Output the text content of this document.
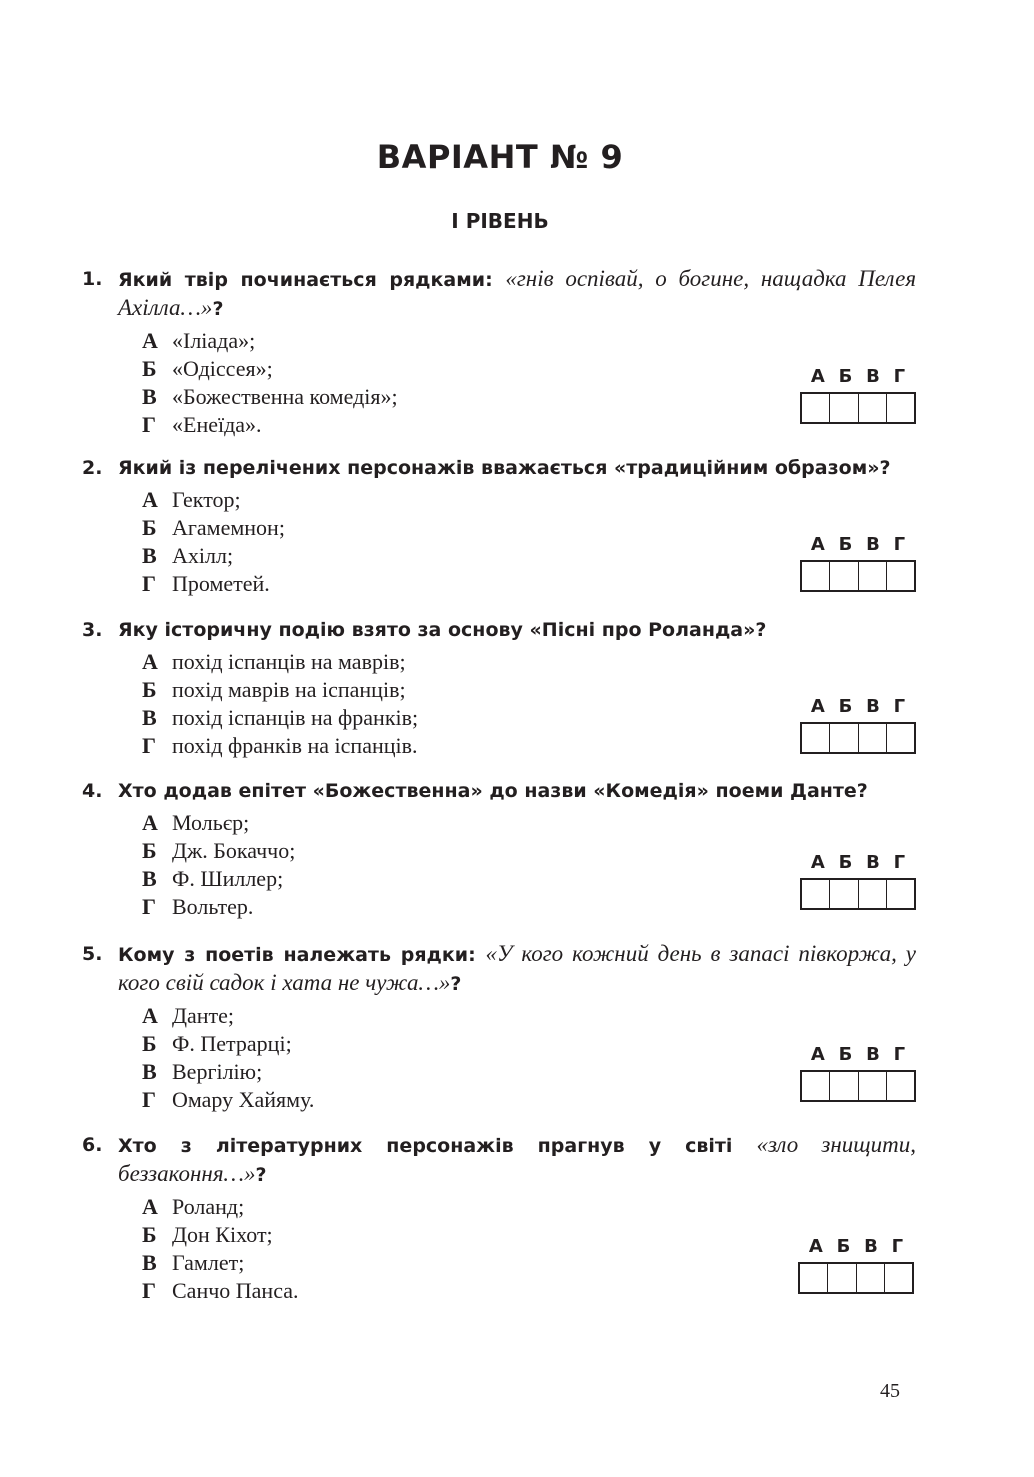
ВАРІАНТ № 9
І РІВЕНЬ
1. Який твір починається рядками: «гнів оспівай, о богине, нащадка Пелея Ахілла…»?
А «Іліада»;
Б «Одіссея»;
В «Божественна комедія»;
Г «Енеїда».
А Б В Г
2. Який із перелічених персонажів вважається «традиційним образом»?
А Гектор;
Б Агамемнон;
В Ахілл;
Г Прометей.
А Б В Г
3. Яку історичну подію взято за основу «Пісні про Роланда»?
А похід іспанців на маврів;
Б похід маврів на іспанців;
В похід іспанців на франків;
Г похід франків на іспанців.
А Б В Г
4. Хто додав епітет «Божественна» до назви «Комедія» поеми Данте?
А Мольєр;
Б Дж. Бокаччо;
В Ф. Шиллер;
Г Вольтер.
А Б В Г
5. Кому з поетів належать рядки: «У кого кожний день в запасі півкоржа, у кого свій садок і хата не чужа…»?
А Данте;
Б Ф. Петрарці;
В Вергілію;
Г Омару Хайяму.
А Б В Г
6. Хто з літературних персонажів прагнув у світі «зло знищити, беззаконня…»?
А Роланд;
Б Дон Кіхот;
В Гамлет;
Г Санчо Панса.
А Б В Г
45
